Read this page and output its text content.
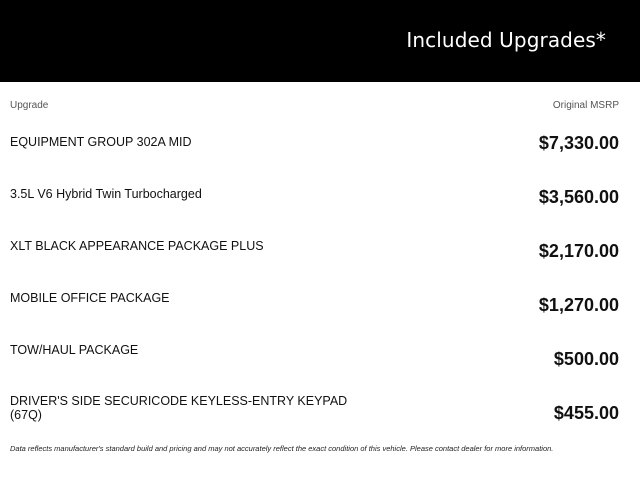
Included Upgrades*
Upgrade	Original MSRP
EQUIPMENT GROUP 302A MID	$7,330.00
3.5L V6 Hybrid Twin Turbocharged	$3,560.00
XLT BLACK APPEARANCE PACKAGE PLUS	$2,170.00
MOBILE OFFICE PACKAGE	$1,270.00
TOW/HAUL PACKAGE	$500.00
DRIVER'S SIDE SECURICODE KEYLESS-ENTRY KEYPAD (67Q)	$455.00
Data reflects manufacturer's standard build and pricing and may not accurately reflect the exact condition of this vehicle. Please contact dealer for more information.
